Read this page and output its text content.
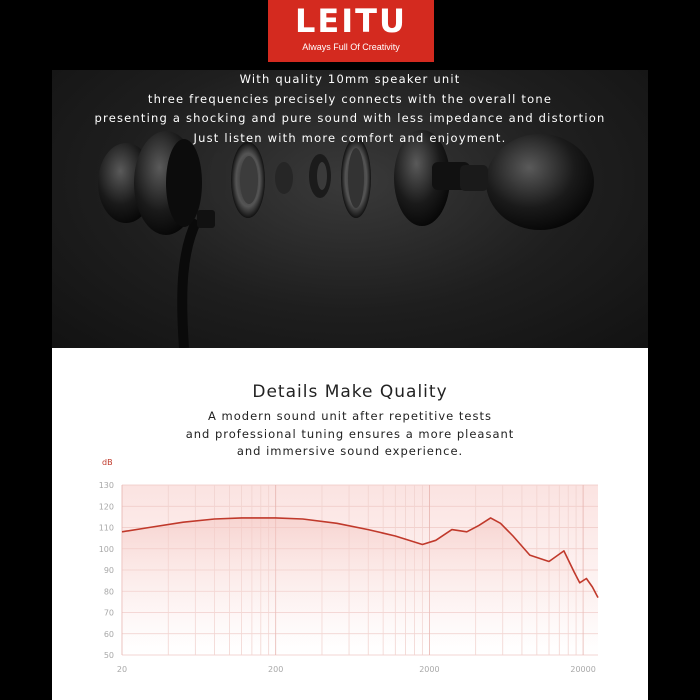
LEITU
Always Full Of Creativity
With quality 10mm speaker unit
three frequencies precisely connects with the overall tone
presenting a shocking and pure sound with less impedance and distortion
Just listen with more comfort and enjoyment.
Details Make Quality
A modern sound unit after repetitive tests
and professional tuning ensures a more pleasant
and immersive sound experience.
130
120
110
100
90
80
70
60
50
20	200	2000	20000
dB
